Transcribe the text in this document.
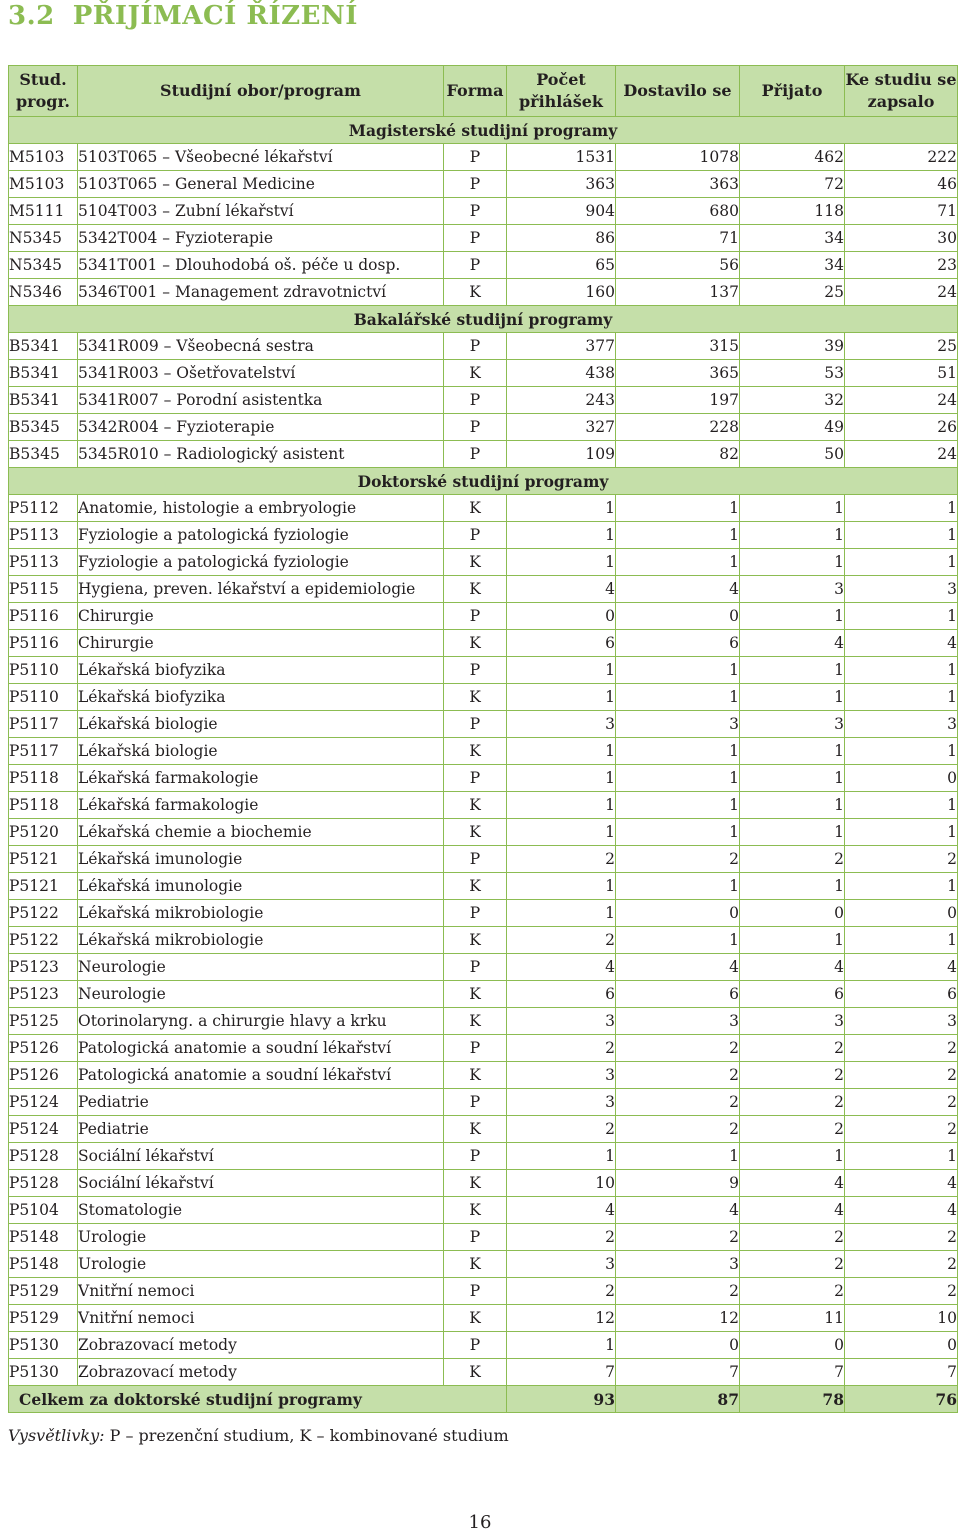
3.2 PŘIJÍMACÍ ŘÍZENÍ
Stud. progr.	Studijní obor/program	Forma	Počet přihlášek	Dostavilo se	Přijato	Ke studiu se zapsalo
Magisterské studijní programy						
M5103	5103T065 – Všeobecné lékařství	P	1531	1078	462	222
M5103	5103T065 – General Medicine	P	363	363	72	46
M5111	5104T003 – Zubní lékařství	P	904	680	118	71
N5345	5342T004 – Fyzioterapie	P	86	71	34	30
N5345	5341T001 – Dlouhodobá oš. péče u dosp.	P	65	56	34	23
N5346	5346T001 – Management zdravotnictví	K	160	137	25	24
Bakalářské studijní programy						
B5341	5341R009 – Všeobecná sestra	P	377	315	39	25
B5341	5341R003 – Ošetřovatelství	K	438	365	53	51
B5341	5341R007 – Porodní asistentka	P	243	197	32	24
B5345	5342R004 – Fyzioterapie	P	327	228	49	26
B5345	5345R010 – Radiologický asistent	P	109	82	50	24
Doktorské studijní programy						
P5112	Anatomie, histologie a embryologie	K	1	1	1	1
P5113	Fyziologie a patologická fyziologie	P	1	1	1	1
P5113	Fyziologie a patologická fyziologie	K	1	1	1	1
P5115	Hygiena, preven. lékařství a epidemiologie	K	4	4	3	3
P5116	Chirurgie	P	0	0	1	1
P5116	Chirurgie	K	6	6	4	4
P5110	Lékařská biofyzika	P	1	1	1	1
P5110	Lékařská biofyzika	K	1	1	1	1
P5117	Lékařská biologie	P	3	3	3	3
P5117	Lékařská biologie	K	1	1	1	1
P5118	Lékařská farmakologie	P	1	1	1	0
P5118	Lékařská farmakologie	K	1	1	1	1
P5120	Lékařská chemie a biochemie	K	1	1	1	1
P5121	Lékařská imunologie	P	2	2	2	2
P5121	Lékařská imunologie	K	1	1	1	1
P5122	Lékařská mikrobiologie	P	1	0	0	0
P5122	Lékařská mikrobiologie	K	2	1	1	1
P5123	Neurologie	P	4	4	4	4
P5123	Neurologie	K	6	6	6	6
P5125	Otorinolaryng. a chirurgie hlavy a krku	K	3	3	3	3
P5126	Patologická anatomie a soudní lékařství	P	2	2	2	2
P5126	Patologická anatomie a soudní lékařství	K	3	2	2	2
P5124	Pediatrie	P	3	2	2	2
P5124	Pediatrie	K	2	2	2	2
P5128	Sociální lékařství	P	1	1	1	1
P5128	Sociální lékařství	K	10	9	4	4
P5104	Stomatologie	K	4	4	4	4
P5148	Urologie	P	2	2	2	2
P5148	Urologie	K	3	3	2	2
P5129	Vnitřní nemoci	P	2	2	2	2
P5129	Vnitřní nemoci	K	12	12	11	10
P5130	Zobrazovací metody	P	1	0	0	0
P5130	Zobrazovací metody	K	7	7	7	7
Celkem za doktorské studijní programy			93	87	78	76
Vysvětlivky: P – prezenční studium, K – kombinované studium
16
